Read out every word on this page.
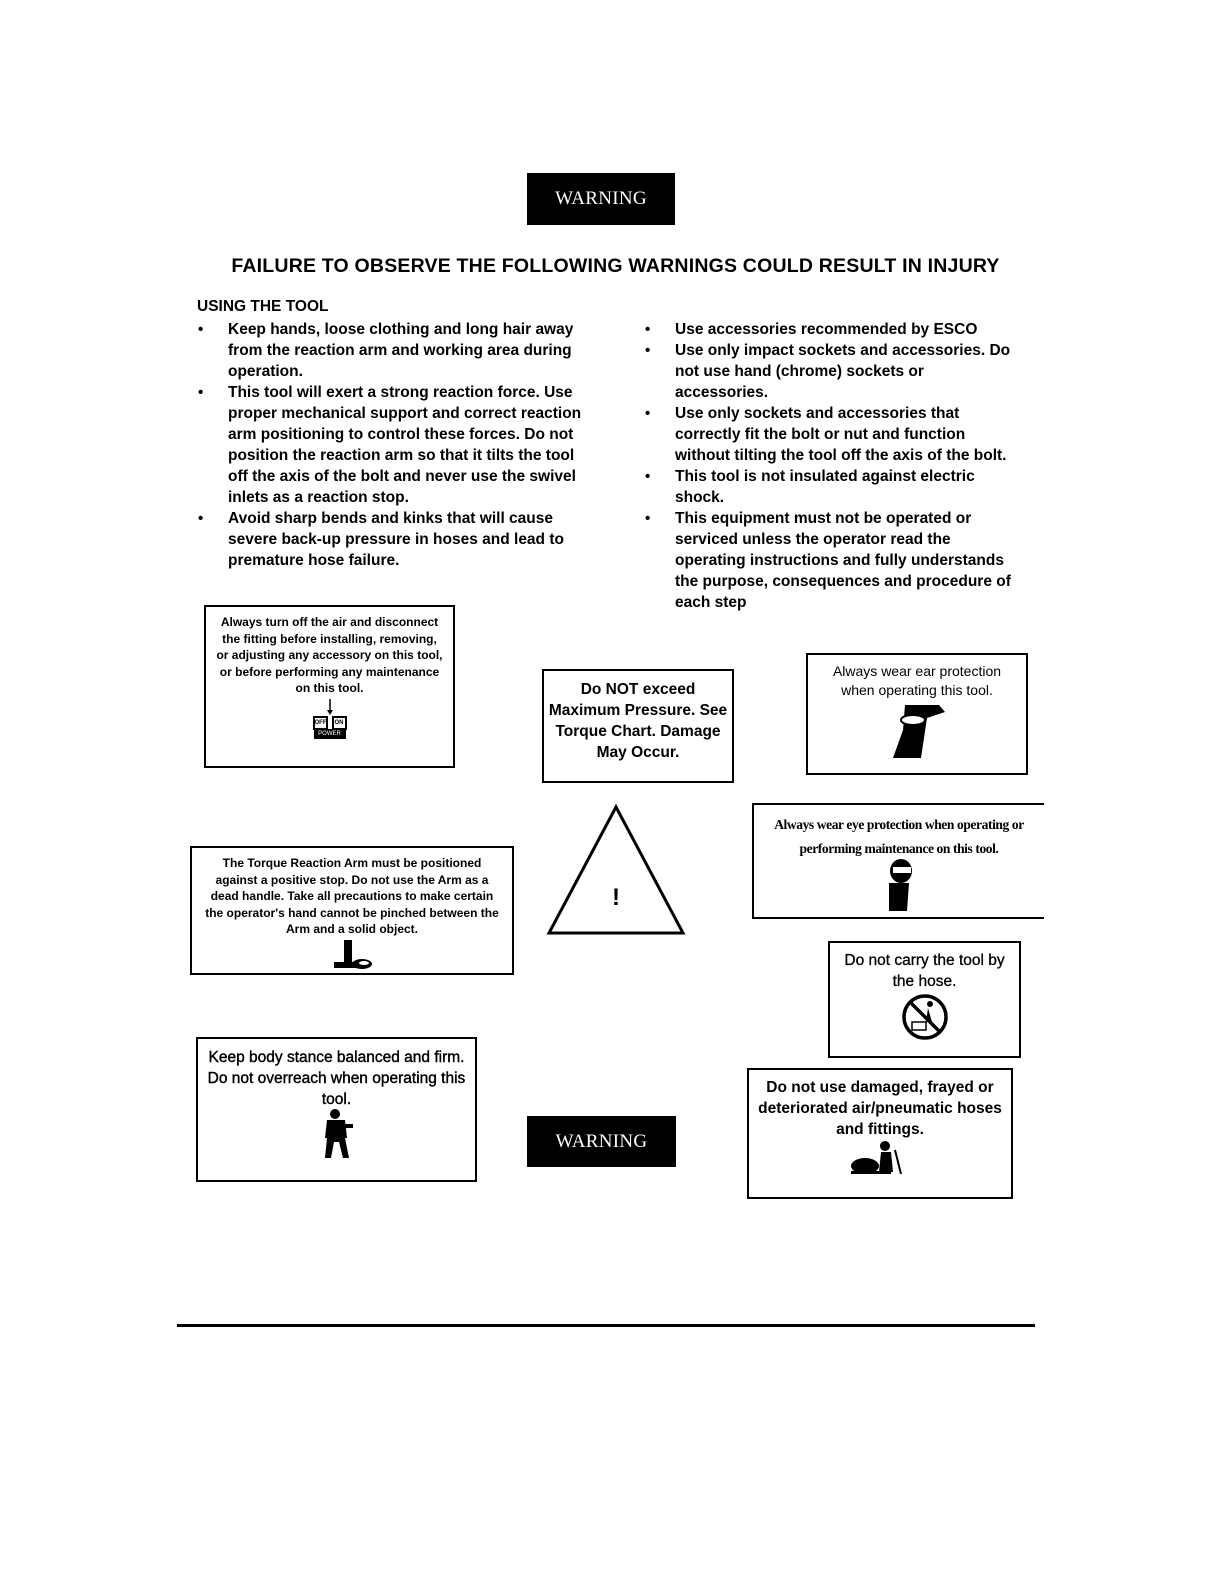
WARNING
FAILURE TO OBSERVE THE FOLLOWING WARNINGS COULD RESULT IN INJURY
USING THE TOOL
• Keep hands, loose clothing and long hair away from the reaction arm and working area during operation.
• This tool will exert a strong reaction force. Use proper mechanical support and correct reaction arm positioning to control these forces. Do not position the reaction arm so that it tilts the tool off the axis of the bolt and never use the swivel inlets as a reaction stop.
• Avoid sharp bends and kinks that will cause severe back-up pressure in hoses and lead to premature hose failure.
• Use accessories recommended by ESCO
• Use only impact sockets and accessories. Do not use hand (chrome) sockets or accessories.
• Use only sockets and accessories that correctly fit the bolt or nut and function without tilting the tool off the axis of the bolt.
• This tool is not insulated against electric shock.
• This equipment must not be operated or serviced unless the operator read the operating instructions and fully understands the purpose, consequences and procedure of each step
Always turn off the air and disconnect the fitting before installing, removing, or adjusting any accessory on this tool, or before performing any maintenance on this tool.
OFF ON
POWER
Do NOT exceed Maximum Pressure. See Torque Chart. Damage May Occur.
Always wear ear protection when operating this tool.
!
Always wear eye protection when operating or performing maintenance on this tool.
The Torque Reaction Arm must be positioned against a positive stop. Do not use the Arm as a dead handle. Take all precautions to make certain the operator's hand cannot be pinched between the Arm and a solid object.
Do not carry the tool by the hose.
Keep body stance balanced and firm. Do not overreach when operating this tool.
WARNING
Do not use damaged, frayed or deteriorated air/pneumatic hoses and fittings.
